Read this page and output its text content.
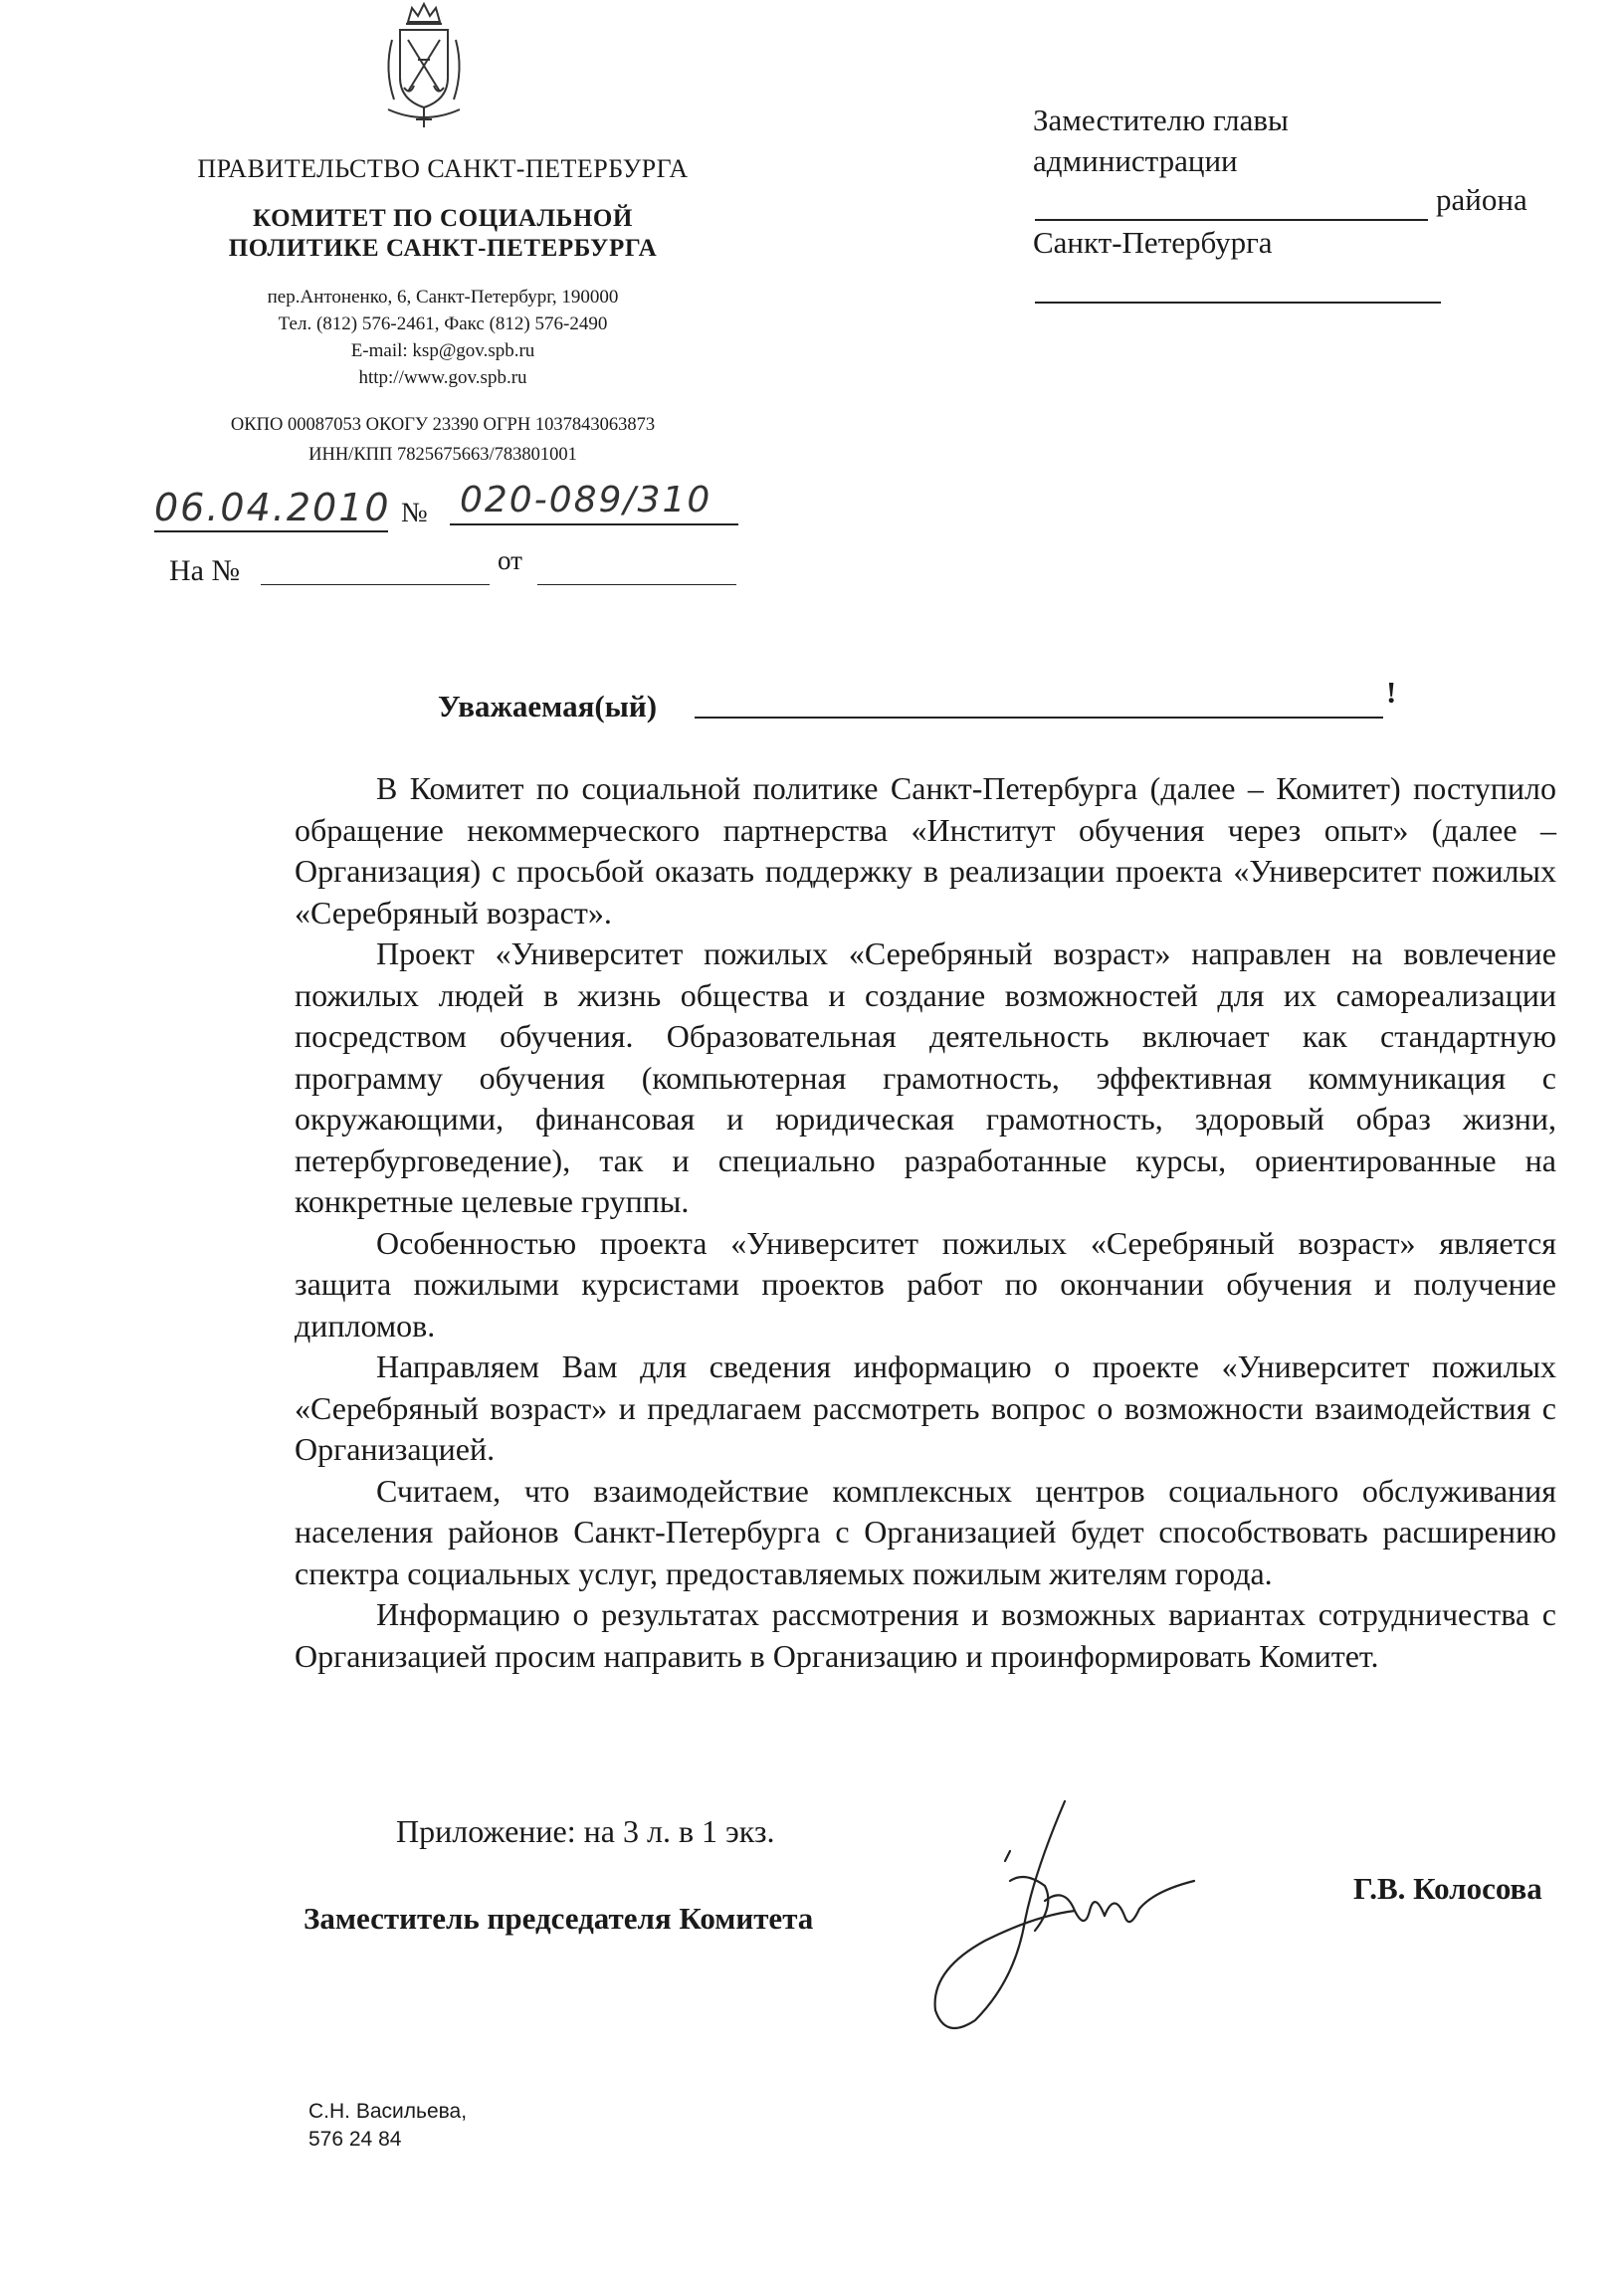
ПРАВИТЕЛЬСТВО САНКТ-ПЕТЕРБУРГА
КОМИТЕТ ПО СОЦИАЛЬНОЙ
ПОЛИТИКЕ САНКТ-ПЕТЕРБУРГА
пер.Антоненко, 6, Санкт-Петербург, 190000
Тел. (812) 576-2461, Факс (812) 576-2490
E-mail: ksp@gov.spb.ru
http://www.gov.spb.ru
ОКПО 00087053 ОКОГУ 23390 ОГРН 1037843063873
ИНН/КПП 7825675663/783801001
06.04.2010 № 020-089/310
На №	от
Заместителю главы
администрации
района
Санкт-Петербурга
Уважаемая(ый)	!

В Комитет по социальной политике Санкт-Петербурга (далее – Комитет) поступило обращение некоммерческого партнерства «Институт обучения через опыт» (далее – Организация) с просьбой оказать поддержку в реализации проекта «Университет пожилых «Серебряный возраст».

Проект «Университет пожилых «Серебряный возраст» направлен на вовлечение пожилых людей в жизнь общества и создание возможностей для их самореализации посредством обучения. Образовательная деятельность включает как стандартную программу обучения (компьютерная грамотность, эффективная коммуникация с окружающими, финансовая и юридическая грамотность, здоровый образ жизни, петербурговедение), так и специально разработанные курсы, ориентированные на конкретные целевые группы.

Особенностью проекта «Университет пожилых «Серебряный возраст» является защита пожилыми курсистами проектов работ по окончании обучения и получение дипломов.

Направляем Вам для сведения информацию о проекте «Университет пожилых «Серебряный возраст» и предлагаем рассмотреть вопрос о возможности взаимодействия с Организацией.

Считаем, что взаимодействие комплексных центров социального обслуживания населения районов Санкт-Петербурга с Организацией будет способствовать расширению спектра социальных услуг, предоставляемых пожилым жителям города.

Информацию о результатах рассмотрения и возможных вариантах сотрудничества с Организацией просим направить в Организацию и проинформировать Комитет.

Приложение: на 3 л. в 1 экз.
Заместитель председателя Комитета
Г.В. Колосова
С.Н. Васильева,
576 24 84
